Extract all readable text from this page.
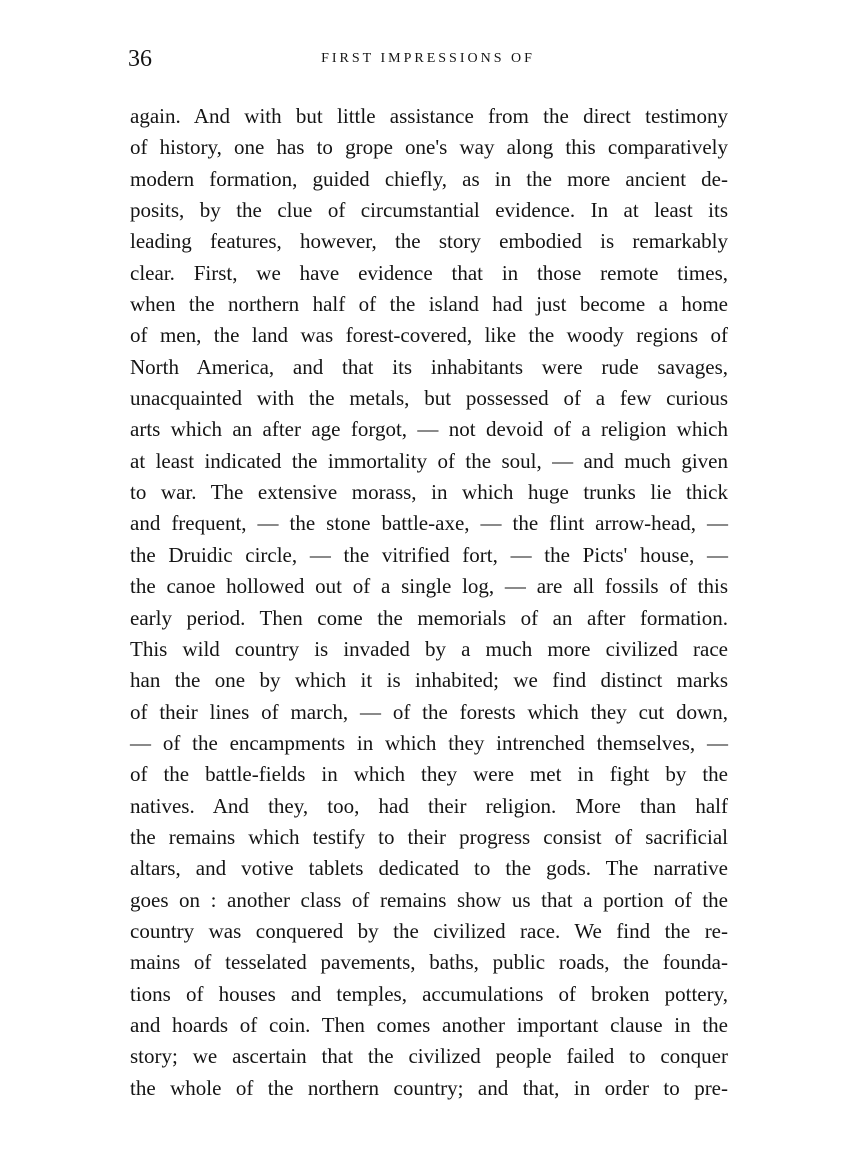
36	FIRST IMPRESSIONS OF
again. And with but little assistance from the direct testimony
of history, one has to grope one's way along this comparatively
modern formation, guided chiefly, as in the more ancient de-
posits, by the clue of circumstantial evidence. In at least its
leading features, however, the story embodied is remarkably
clear. First, we have evidence that in those remote times,
when the northern half of the island had just become a home
of men, the land was forest-covered, like the woody regions of
North America, and that its inhabitants were rude savages,
unacquainted with the metals, but possessed of a few curious
arts which an after age forgot, — not devoid of a religion which
at least indicated the immortality of the soul, — and much given
to war. The extensive morass, in which huge trunks lie thick
and frequent, — the stone battle-axe, — the flint arrow-head, —
the Druidic circle, — the vitrified fort, — the Picts' house, —
the canoe hollowed out of a single log, — are all fossils of this
early period. Then come the memorials of an after formation.
This wild country is invaded by a much more civilized race
han the one by which it is inhabited; we find distinct marks
of their lines of march, — of the forests which they cut down,
— of the encampments in which they intrenched themselves, —
of the battle-fields in which they were met in fight by the
natives. And they, too, had their religion. More than half
the remains which testify to their progress consist of sacrificial
altars, and votive tablets dedicated to the gods. The narrative
goes on : another class of remains show us that a portion of the
country was conquered by the civilized race. We find the re-
mains of tesselated pavements, baths, public roads, the founda-
tions of houses and temples, accumulations of broken pottery,
and hoards of coin. Then comes another important clause in the
story; we ascertain that the civilized people failed to conquer
the whole of the northern country; and that, in order to pre-
